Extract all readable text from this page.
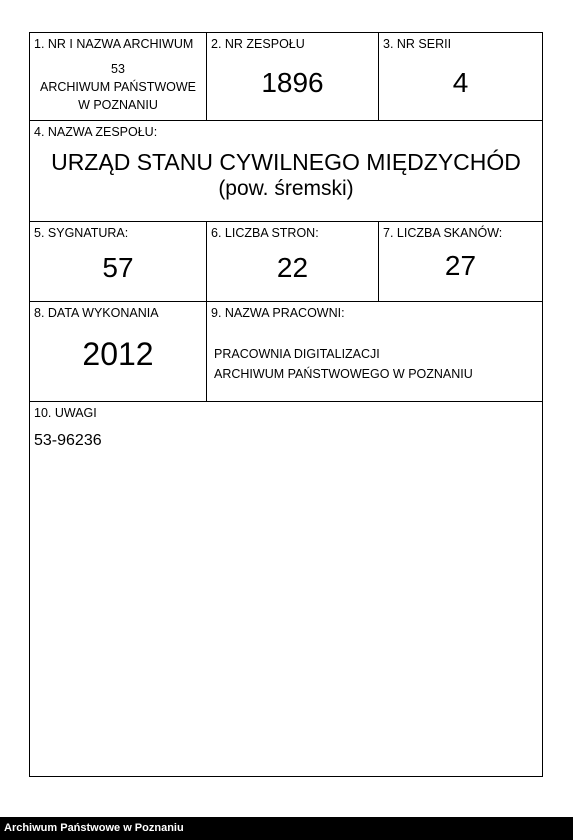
1. NR I NAZWA ARCHIWUM
53
ARCHIWUM PAŃSTWOWE
W POZNANIU
2. NR ZESPOŁU
1896
3. NR SERII
4
4. NAZWA ZESPOŁU:
URZĄD STANU CYWILNEGO MIĘDZYCHÓD
(pow. śremski)
5. SYGNATURA:
57
6. LICZBA STRON:
22
7. LICZBA SKANÓW:
27
8. DATA WYKONANIA
2012
9. NAZWA PRACOWNI:
PRACOWNIA DIGITALIZACJI
ARCHIWUM PAŃSTWOWEGO W POZNANIU
10. UWAGI
53-96236
Archiwum Państwowe w Poznaniu
